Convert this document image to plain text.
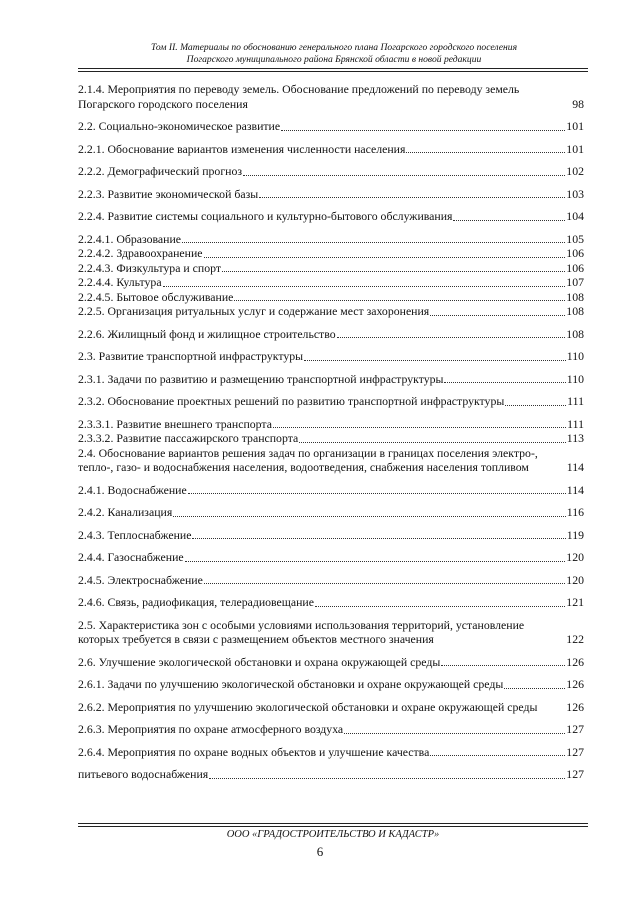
Том II. Материалы по обоснованию генерального плана Погарского городского поселения
Погарского муниципального района Брянской области в новой редакции
2.1.4. Мероприятия по переводу земель. Обоснование предложений по переводу земель Погарского городского поселения	98
2.2. Социально-экономическое развитие	101
2.2.1. Обоснование вариантов изменения численности населения	101
2.2.2. Демографический прогноз	102
2.2.3. Развитие экономической базы	103
2.2.4. Развитие системы социального и культурно-бытового обслуживания	104
2.2.4.1. Образование	105
2.2.4.2. Здравоохранение	106
2.2.4.3. Физкультура и спорт	106
2.2.4.4. Культура	107
2.2.4.5. Бытовое обслуживание	108
2.2.5. Организация ритуальных услуг и содержание мест захоронения	108
2.2.6. Жилищный фонд и жилищное строительство	108
2.3. Развитие транспортной инфраструктуры	110
2.3.1. Задачи по развитию и размещению транспортной инфраструктуры	110
2.3.2. Обоснование проектных решений по развитию транспортной инфраструктуры	111
2.3.3.1. Развитие внешнего транспорта	111
2.3.3.2. Развитие пассажирского транспорта	113
2.4. Обоснование вариантов решения задач по организации в границах поселения электро-, тепло-, газо- и водоснабжения населения, водоотведения, снабжения населения топливом	114
2.4.1. Водоснабжение	114
2.4.2. Канализация	116
2.4.3. Теплоснабжение	119
2.4.4. Газоснабжение	120
2.4.5. Электроснабжение	120
2.4.6. Связь, радиофикация, телерадиовещание	121
2.5. Характеристика зон с особыми условиями использования территорий, установление которых требуется в связи с размещением объектов местного значения	122
2.6. Улучшение экологической обстановки и охрана окружающей среды	126
2.6.1. Задачи по улучшению экологической обстановки и охране окружающей среды	126
2.6.2. Мероприятия по улучшению экологической обстановки и охране окружающей среды	126
2.6.3. Мероприятия по охране атмосферного воздуха	127
2.6.4. Мероприятия по охране водных объектов и улучшение качества	127
питьевого водоснабжения	127
ООО «ГРАДОСТРОИТЕЛЬСТВО И КАДАСТР»
6
